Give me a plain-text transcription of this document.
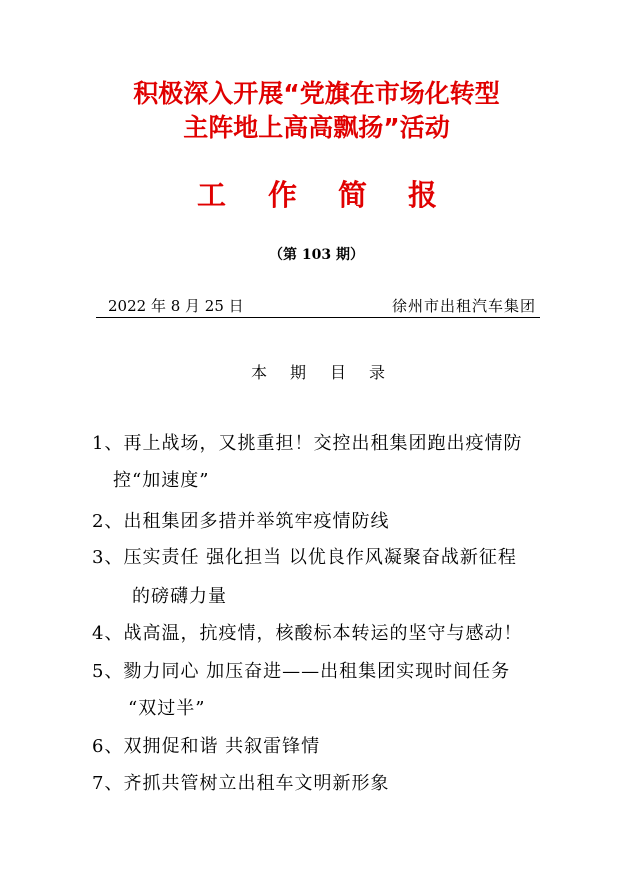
积极深入开展“党旗在市场化转型
主阵地上高高飘扬”活动
工 作 简 报
（第 103 期）
2022 年 8 月 25 日	徐州市出租汽车集团
本 期 目 录
1、再上战场，又挑重担！交控出租集团跑出疫情防
控“加速度”
2、出租集团多措并举筑牢疫情防线
3、压实责任 强化担当 以优良作风凝聚奋战新征程
的磅礴力量
4、战高温，抗疫情，核酸标本转运的坚守与感动！
5、勠力同心 加压奋进——出租集团实现时间任务
“双过半”
6、双拥促和谐 共叙雷锋情
7、齐抓共管树立出租车文明新形象
